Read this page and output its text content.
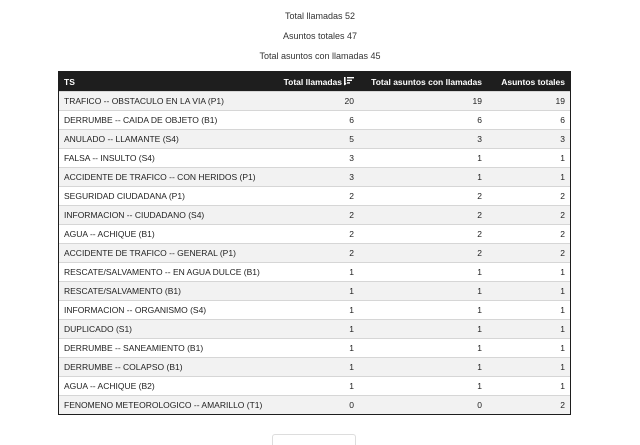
Total llamadas 52
Asuntos totales 47
Total asuntos con llamadas 45
TS	Total llamadas	Total asuntos con llamadas	Asuntos totales
TRAFICO -- OBSTACULO EN LA VIA (P1)	20	19	19
DERRUMBE -- CAIDA DE OBJETO (B1)	6	6	6
ANULADO -- LLAMANTE (S4)	5	3	3
FALSA -- INSULTO (S4)	3	1	1
ACCIDENTE DE TRAFICO -- CON HERIDOS (P1)	3	1	1
SEGURIDAD CIUDADANA (P1)	2	2	2
INFORMACION -- CIUDADANO (S4)	2	2	2
AGUA -- ACHIQUE (B1)	2	2	2
ACCIDENTE DE TRAFICO -- GENERAL (P1)	2	2	2
RESCATE/SALVAMENTO -- EN AGUA DULCE (B1)	1	1	1
RESCATE/SALVAMENTO (B1)	1	1	1
INFORMACION -- ORGANISMO (S4)	1	1	1
DUPLICADO (S1)	1	1	1
DERRUMBE -- SANEAMIENTO (B1)	1	1	1
DERRUMBE -- COLAPSO (B1)	1	1	1
AGUA -- ACHIQUE (B2)	1	1	1
FENOMENO METEOROLOGICO -- AMARILLO (T1)	0	0	2
